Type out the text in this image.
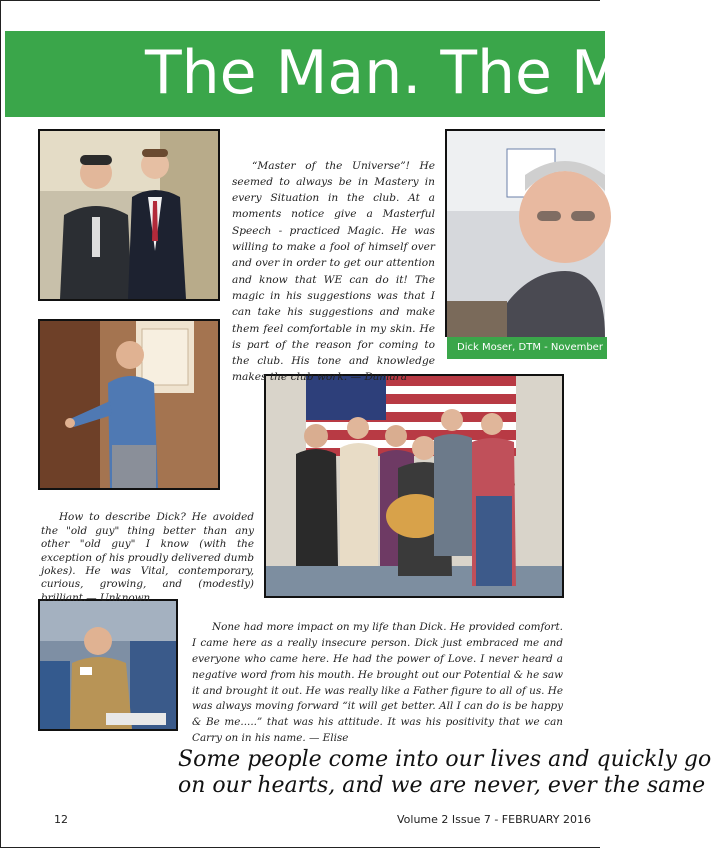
The Man. The Myth
Dick Moser, DTM - November

“Master of the Universe”! He seemed to always be in Mastery in every Situation in the club. At a moments notice give a Masterful Speech - practiced Magic. He was willing to make a fool of himself over and over in order to get our attention and know that WE can do it! The magic in his suggestions was that I can take his suggestions and make them feel comfortable in my skin. He is part of the reason for coming to the club. His tone and knowledge makes the club work. — Damara

How to describe Dick? He avoided the "old guy" thing better than any other "old guy" I know (with the exception of his proudly delivered dumb jokes). He was Vital, contemporary, curious, growing, and (modestly) brilliant.— Unknown

None had more impact on my life than Dick. He provided comfort. I came here as a really insecure person. Dick just embraced me and everyone who came here. He had the power of Love. I never heard a negative word from his mouth. He brought out our Potential & he saw it and brought it out. He was really like a Father figure to all of us. He was always moving forward “it will get better. All I can do is be happy & Be me.....” that was his attitude. It was his positivity that we can Carry on in his name. — Elise

Some people come into our lives and quickly go
on our hearts, and we are never, ever the same
12	Volume 2 Issue 7 - FEBRUARY 2016
